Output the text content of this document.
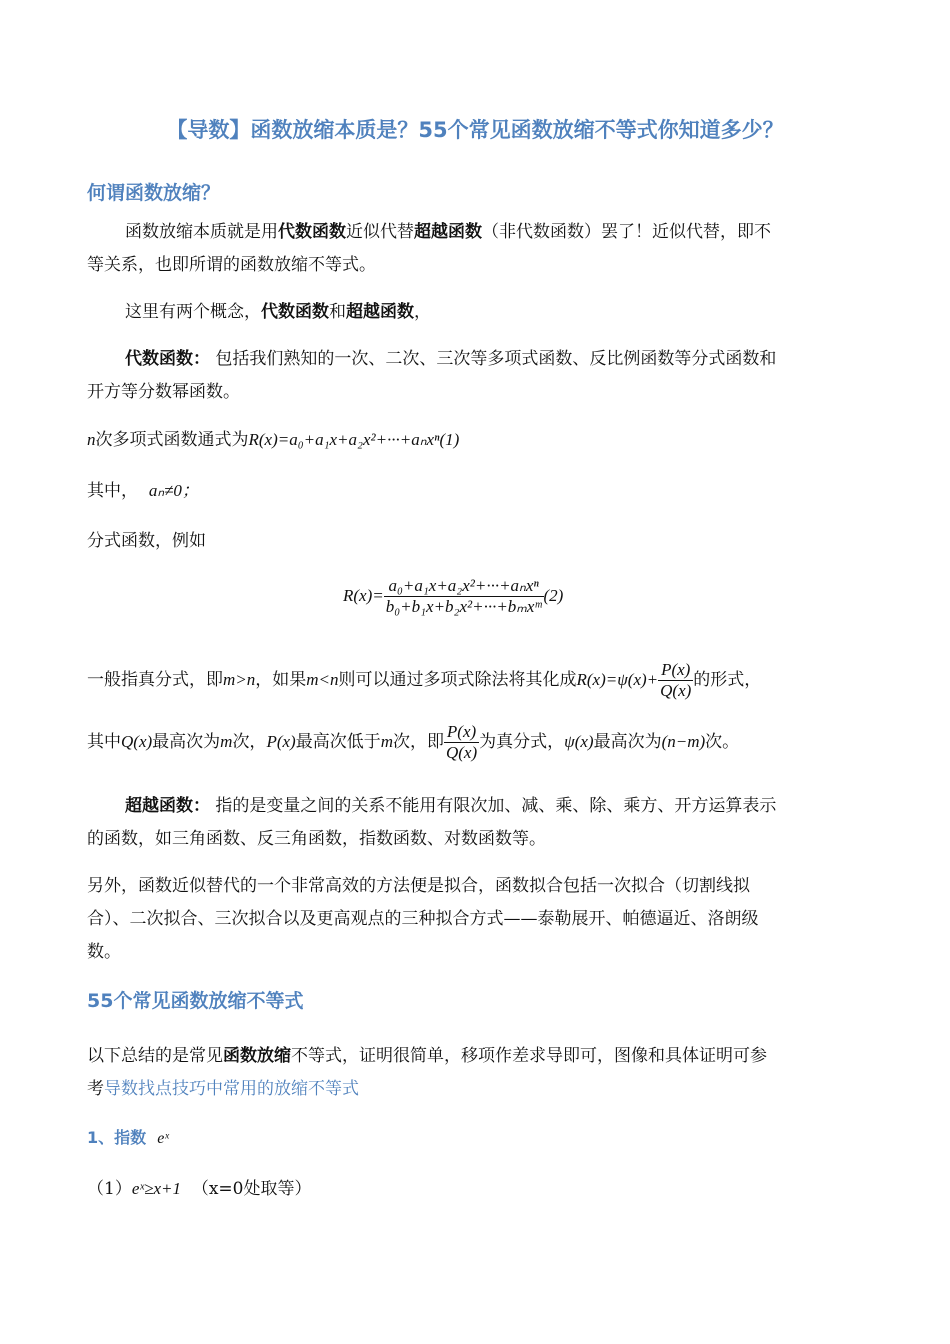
【导数】函数放缩本质是？55个常见函数放缩不等式你知道多少？
何谓函数放缩？
函数放缩本质就是用代数函数近似代替超越函数（非代数函数）罢了！近似代替，即不
等关系，也即所谓的函数放缩不等式。
这里有两个概念，代数函数和超越函数，
代数函数： 包括我们熟知的一次、二次、三次等多项式函数、反比例函数等分式函数和
开方等分数幂函数。
n次多项式函数通式为R(x)=a₀+a₁x+a₂x²+···+aₙxⁿ(1)
其中， aₙ≠0；
分式函数，例如
$R(x)= \frac{\text{a₀+a₁x+a₂x²+···+aₙxⁿ}}{\text{b₀+b₁x+b₂x²+···+bₘxᵐ}} (2)$
一般指真分式，即m>n，如果m<n则可以通过多项式除法将其化成$R(x)=\psi(x)+ \frac{P(x)}{Q(x)}$ 的形式，
其中Q(x)最高次为m次，P(x)最高次低于m次，即 $\frac{P(x)}{Q(x)}$ 为真分式，ψ(x)最高次为(n−m)次。
超越函数： 指的是变量之间的关系不能用有限次加、减、乘、除、乘方、开方运算表示
的函数，如三角函数、反三角函数，指数函数、对数函数等。
另外，函数近似替代的一个非常高效的方法便是拟合，函数拟合包括一次拟合（切割线拟
合）、二次拟合、三次拟合以及更高观点的三种拟合方式——泰勒展开、帕德逼近、洛朗级
数。
55个常见函数放缩不等式
以下总结的是常见函数放缩不等式，证明很简单，移项作差求导即可，图像和具体证明可参
考导数找点技巧中常用的放缩不等式
1、指数 eˣ
（1）eˣ≥x+1 （x=0处取等）
